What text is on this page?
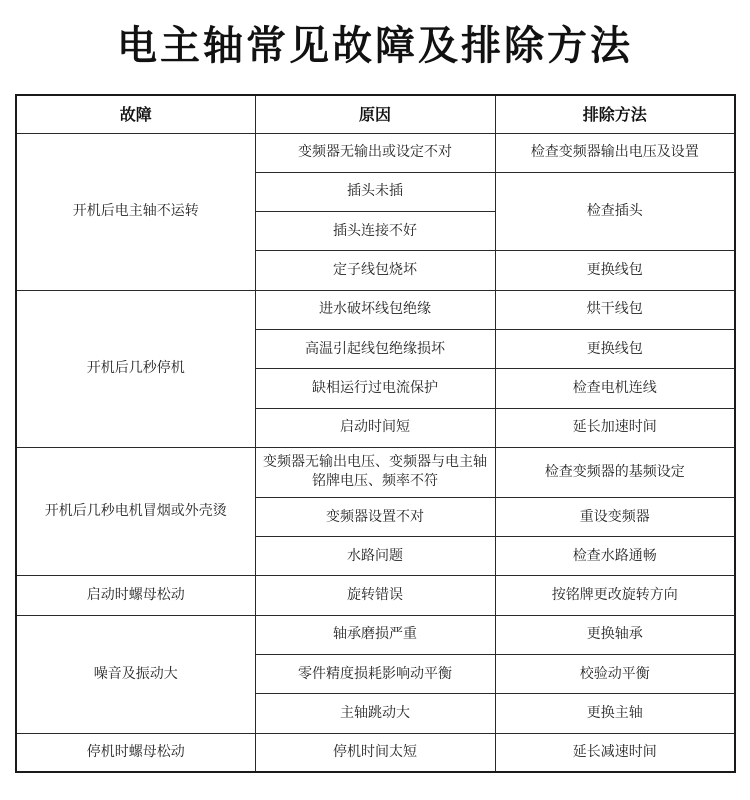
电主轴常见故障及排除方法
故障	原因	排除方法
开机后电主轴不运转	变频器无输出或设定不对	检查变频器输出电压及设置
	插头未插	检查插头
	插头连接不好	
	定子线包烧坏	更换线包
开机后几秒停机	进水破坏线包绝缘	烘干线包
	高温引起线包绝缘损坏	更换线包
	缺相运行过电流保护	检查电机连线
	启动时间短	延长加速时间
开机后几秒电机冒烟或外壳烫	变频器无输出电压、变频器与电主轴铭牌电压、频率不符	检查变频器的基频设定
	变频器设置不对	重设变频器
	水路问题	检查水路通畅
启动时螺母松动	旋转错误	按铭牌更改旋转方向
噪音及振动大	轴承磨损严重	更换轴承
	零件精度损耗影响动平衡	校验动平衡
	主轴跳动大	更换主轴
停机时螺母松动	停机时间太短	延长减速时间
